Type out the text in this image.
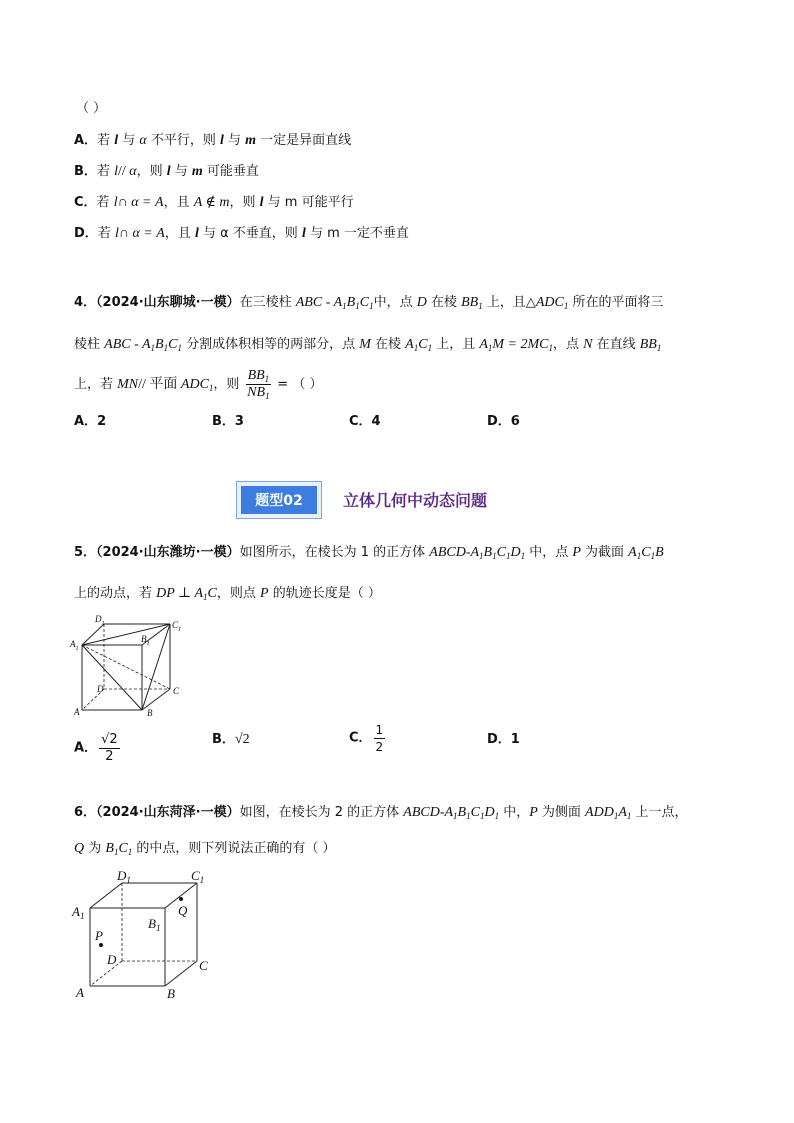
（ ）
A．若 l 与 α 不平行，则 l 与 m 一定是异面直线
B．若 l// α，则 l 与 m 可能垂直
C．若 l∩ α = A，且 A ∉ m，则 l 与 m 可能平行
D．若 l∩ α = A，且 l 与 α 不垂直，则 l 与 m 一定不垂直
4．（2024·山东聊城·一模）在三棱柱 ABC - $A_1B_1C_1$中，点 D 在棱 $BB_1$ 上，且$\triangle ADC_1$ 所在的平面将三
棱柱 ABC - $A_1B_1C_1$ 分割成体积相等的两部分，点 M 在棱 $A_1C_1$ 上，且 $A_1M = 2MC_1$，点 N 在直线 $BB_1$
上，若 MN// 平面 $ADC_1$，则 $\frac{BB_1}{NB_1}$ = （ ）
A．2	B．3	C．4	D．6
题型02	立体几何中动态问题
5．（2024·山东潍坊·一模）如图所示，在棱长为 1 的正方体 ABCD-$A_1B_1C_1D_1$ 中，点 P 为截面 $A_1C_1B$
上的动点，若 DP ⊥ $A_1C$，则点 P 的轨迹长度是（ ）
$D_1$	$C_1$
$B_1$
$A_1$
D	C
A	B
A． $\frac{√2}{2}$	B．√2	C． $\frac{1}{2}$	D．1
6．（2024·山东菏泽·一模）如图，在棱长为 2 的正方体 ABCD-$A_1B_1C_1D_1$ 中，P 为侧面 $ADD_1A_1$ 上一点，
Q 为 $B_1C_1$ 的中点，则下列说法正确的有（ ）
$D_1$	$C_1$
Q
$A_1$	$B_1$
P
D	C
A	B
